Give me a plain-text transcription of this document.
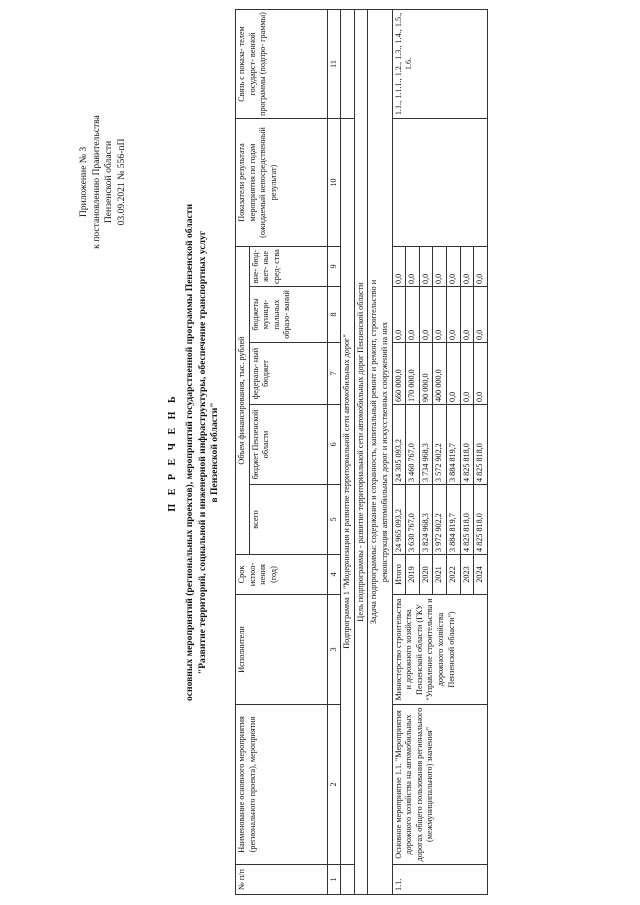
Приложение № 3 к постановлению Правительства Пензенской области 03.09.2021 № 556-пП
П Е Р Е Ч Е Н Ь основных мероприятий (региональных проектов), мероприятий государственной программы Пензенской области "Развитие территорий, социальной и инженерной инфраструктуры, обеспечение транспортных услуг в Пензенской области"
№ п/п	Наименование основного мероприятия (регионального проекта), мероприятия	Исполнители	Срок испол- нения (год)	Объем финансирования, тыс. рублей					Показатели результата мероприятия по годам (ожидаемый непосредственный результат)	Связь с показа- телем государст- венной программы (подпро- граммы)
				всего	бюджет Пензенской области	федераль- ный бюджет	бюджеты муници- пальных образо- ваний	вне- бюд- жет- ные сред- ства		
1	2	3	4	5	6	7	8	9	10	11
	Подпрограмма 1 "Модернизация и развитие территориальной сети автомобильных дорог"									
Цель подпрограммы - развитие территориальной сети автомобильных дорог Пензенской области										

Задача подпрограммы: содержание и сохранность, капитальный ремонт и ремонт, строительство и реконструкция автомобильных дорог и искусственных сооружений на них										

1.1.	Основное мероприятие 1.1. "Мероприятия дорожного хозяйства на автомобильных дорогах общего пользования регионального (межмуниципального) значения"	Министерство строительства и дорожного хозяйства Пензенской области (ГКУ "Управление строительства и дорожного хозяйства Пензенской области")	Итого	24 965 093,2	24 305 093,2	660 000,0	0,0	0,0		1.1., 1.1.1., 1.2., 1.3., 1.4., 1.5., 1.6.
			2019	3 630 767,0	3 460 767,0	170 000,0	0,0	0,0		
			2020	3 824 968,3	3 734 968,3	90 000,0	0,0	0,0		
			2021	3 972 902,2	3 572 902,2	400 000,0	0,0	0,0		
			2022	3 884 819,7	3 884 819,7	0,0	0,0	0,0		
			2023	4 825 818,0	4 825 818,0	0,0	0,0	0,0		
			2024	4 825 818,0	4 825 818,0	0,0	0,0	0,0		
